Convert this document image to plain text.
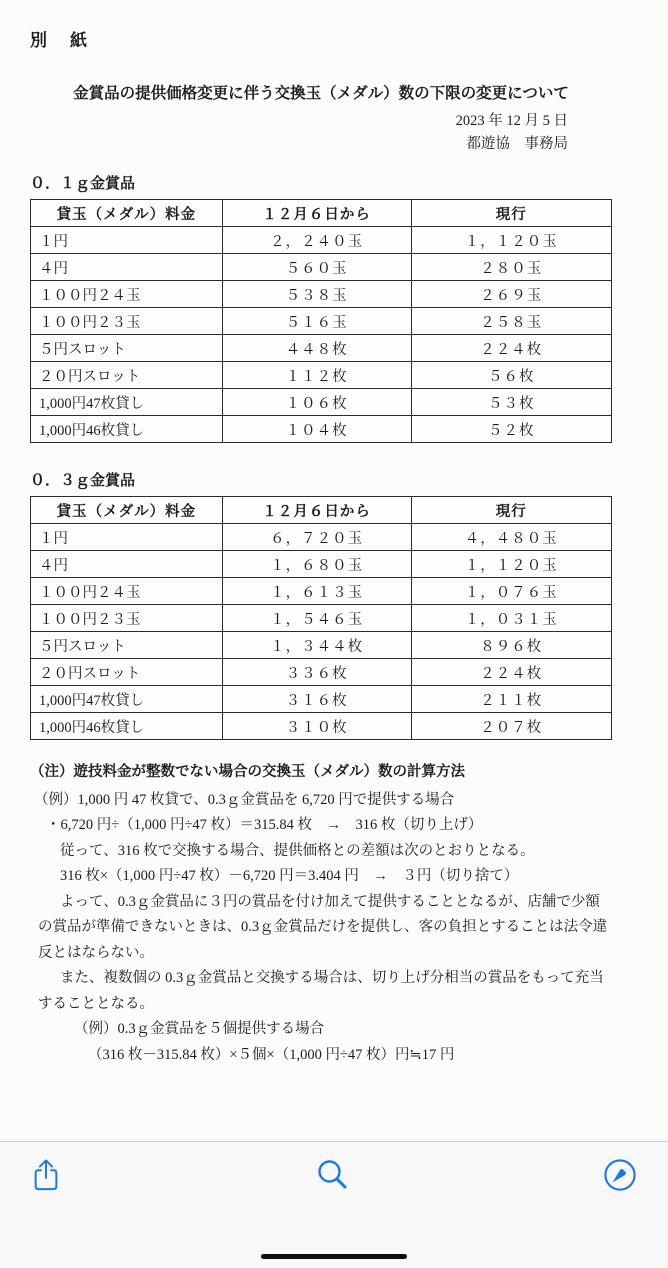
別　紙
金賞品の提供価格変更に伴う交換玉（メダル）数の下限の変更について
2023 年 12 月 5 日
都遊協　事務局
０．１ｇ金賞品
貸玉（メダル）料金	１２月６日から	現行
１円	２，２４０玉	１，１２０玉
４円	５６０玉	２８０玉
１００円２４玉	５３８玉	２６９玉
１００円２３玉	５１６玉	２５８玉
５円スロット	４４８枚	２２４枚
２０円スロット	１１２枚	５６枚
1,000円47枚貸し	１０６枚	５３枚
1,000円46枚貸し	１０４枚	５２枚
０．３ｇ金賞品
貸玉（メダル）料金	１２月６日から	現行
１円	６，７２０玉	４，４８０玉
４円	１，６８０玉	１，１２０玉
１００円２４玉	１，６１３玉	１，０７６玉
１００円２３玉	１，５４６玉	１，０３１玉
５円スロット	１，３４４枚	８９６枚
２０円スロット	３３６枚	２２４枚
1,000円47枚貸し	３１６枚	２１１枚
1,000円46枚貸し	３１０枚	２０７枚
（注）遊技料金が整数でない場合の交換玉（メダル）数の計算方法
（例）1,000 円 47 枚貸で、0.3ｇ金賞品を 6,720 円で提供する場合
・6,720 円÷（1,000 円÷47 枚）＝315.84 枚　→　316 枚（切り上げ）
従って、316 枚で交換する場合、提供価格との差額は次のとおりとなる。
316 枚×（1,000 円÷47 枚）－6,720 円＝3.404 円　→　３円（切り捨て）
よって、0.3ｇ金賞品に３円の賞品を付け加えて提供することとなるが、店舗で少額の賞品が準備できないときは、0.3ｇ金賞品だけを提供し、客の負担とすることは法令違反とはならない。
また、複数個の 0.3ｇ金賞品と交換する場合は、切り上げ分相当の賞品をもって充当することとなる。
（例）0.3ｇ金賞品を５個提供する場合
（316 枚－315.84 枚）×５個×（1,000 円÷47 枚）円≒17 円
